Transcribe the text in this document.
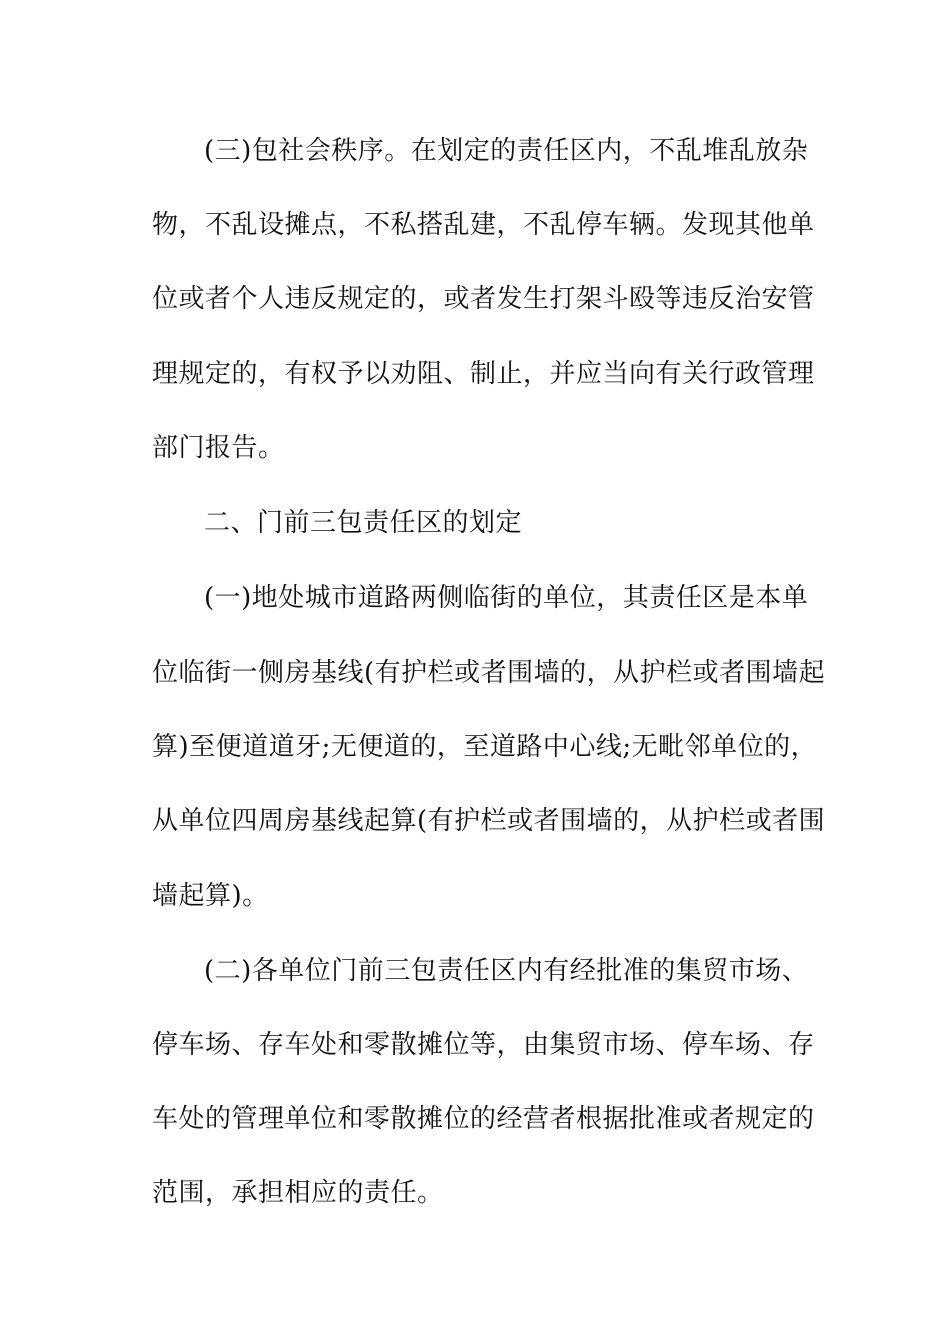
(三)包社会秩序。在划定的责任区内，不乱堆乱放杂
物，不乱设摊点，不私搭乱建，不乱停车辆。发现其他单
位或者个人违反规定的，或者发生打架斗殴等违反治安管
理规定的，有权予以劝阻、制止，并应当向有关行政管理
部门报告。
二、门前三包责任区的划定
(一)地处城市道路两侧临街的单位，其责任区是本单
位临街一侧房基线(有护栏或者围墙的，从护栏或者围墙起
算)至便道道牙;无便道的，至道路中心线;无毗邻单位的，
从单位四周房基线起算(有护栏或者围墙的，从护栏或者围
墙起算)。
(二)各单位门前三包责任区内有经批准的集贸市场、
停车场、存车处和零散摊位等，由集贸市场、停车场、存
车处的管理单位和零散摊位的经营者根据批准或者规定的
范围，承担相应的责任。
